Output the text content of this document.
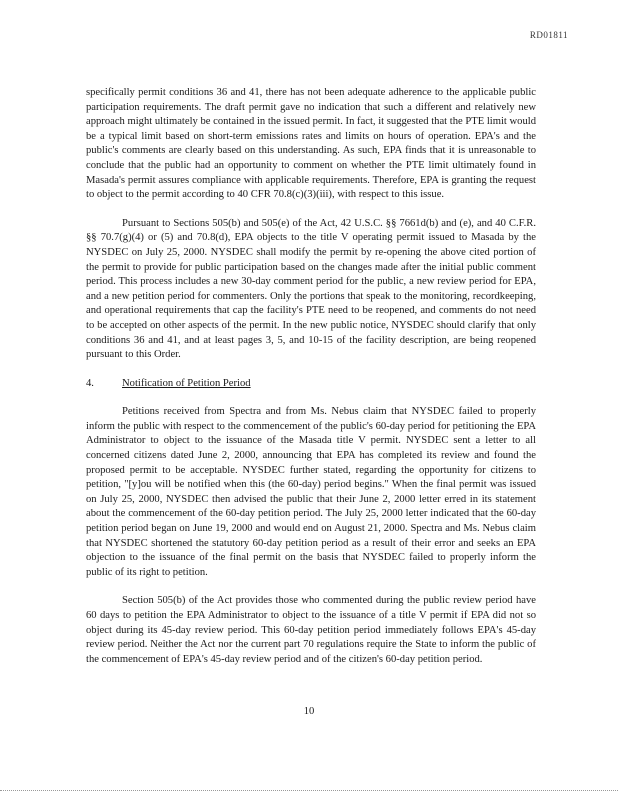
RD01811

specifically permit conditions 36 and 41, there has not been adequate adherence to the applicable public participation requirements. The draft permit gave no indication that such a different and relatively new approach might ultimately be contained in the issued permit. In fact, it suggested that the PTE limit would be a typical limit based on short-term emissions rates and limits on hours of operation. EPA's and the public's comments are clearly based on this understanding. As such, EPA finds that it is unreasonable to conclude that the public had an opportunity to comment on whether the PTE limit ultimately found in Masada's permit assures compliance with applicable requirements. Therefore, EPA is granting the request to object to the permit according to 40 CFR 70.8(c)(3)(iii), with respect to this issue.

Pursuant to Sections 505(b) and 505(e) of the Act, 42 U.S.C. §§ 7661d(b) and (e), and 40 C.F.R. §§ 70.7(g)(4) or (5) and 70.8(d), EPA objects to the title V operating permit issued to Masada by the NYSDEC on July 25, 2000. NYSDEC shall modify the permit by re-opening the above cited portion of the permit to provide for public participation based on the changes made after the initial public comment period. This process includes a new 30-day comment period for the public, a new review period for EPA, and a new petition period for commenters. Only the portions that speak to the monitoring, recordkeeping, and operational requirements that cap the facility's PTE need to be reopened, and comments do not need to be accepted on other aspects of the permit. In the new public notice, NYSDEC should clarify that only conditions 36 and 41, and at least pages 3, 5, and 10-15 of the facility description, are being reopened pursuant to this Order.

4.	Notification of Petition Period

Petitions received from Spectra and from Ms. Nebus claim that NYSDEC failed to properly inform the public with respect to the commencement of the public's 60-day period for petitioning the EPA Administrator to object to the issuance of the Masada title V permit. NYSDEC sent a letter to all concerned citizens dated June 2, 2000, announcing that EPA has completed its review and found the proposed permit to be acceptable. NYSDEC further stated, regarding the opportunity for citizens to petition, "[y]ou will be notified when this (the 60-day) period begins." When the final permit was issued on July 25, 2000, NYSDEC then advised the public that their June 2, 2000 letter erred in its statement about the commencement of the 60-day petition period. The July 25, 2000 letter indicated that the 60-day petition period began on June 19, 2000 and would end on August 21, 2000. Spectra and Ms. Nebus claim that NYSDEC shortened the statutory 60-day petition period as a result of their error and seeks an EPA objection to the issuance of the final permit on the basis that NYSDEC failed to properly inform the public of its right to petition.

Section 505(b) of the Act provides those who commented during the public review period have 60 days to petition the EPA Administrator to object to the issuance of a title V permit if EPA did not so object during its 45-day review period. This 60-day petition period immediately follows EPA's 45-day review period. Neither the Act nor the current part 70 regulations require the State to inform the public of the commencement of EPA's 45-day review period and of the citizen's 60-day petition period.

10
